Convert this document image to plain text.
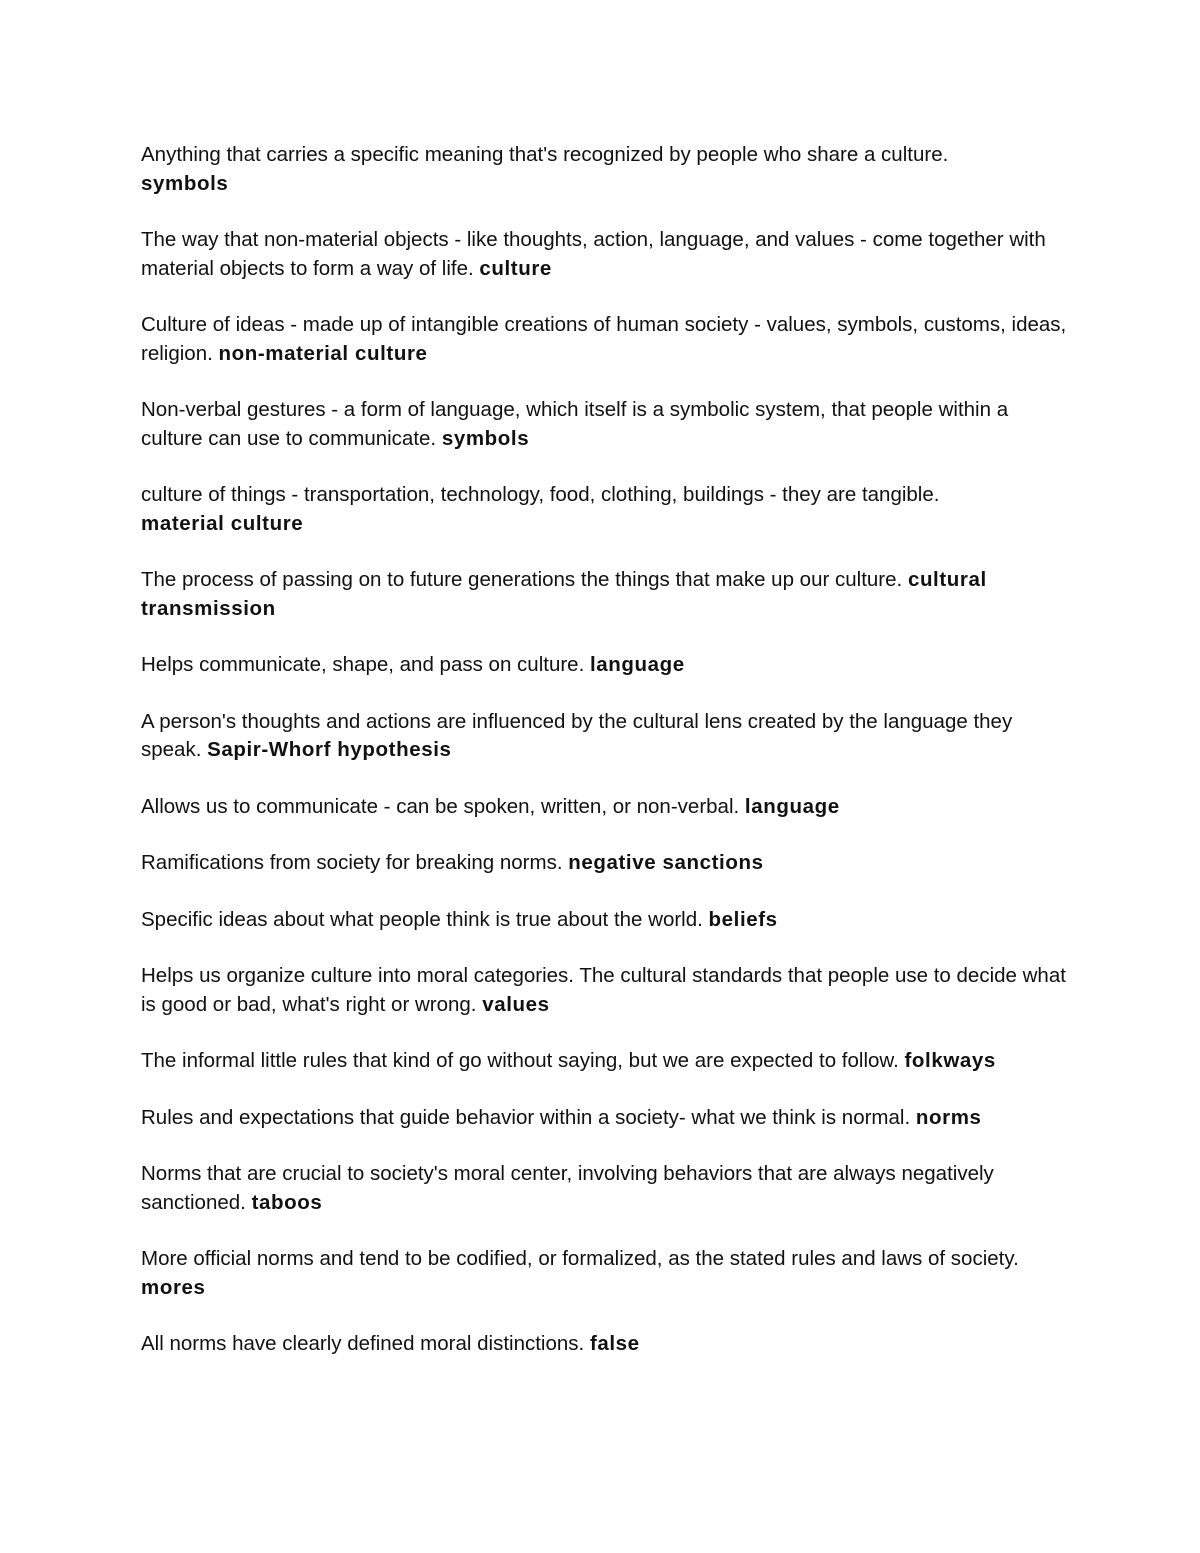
Anything that carries a specific meaning that's recognized by people who share a culture.
symbols
The way that non-material objects - like thoughts, action, language, and values - come together with material objects to form a way of life. culture
Culture of ideas - made up of intangible creations of human society - values, symbols, customs, ideas, religion. non-material culture
Non-verbal gestures - a form of language, which itself is a symbolic system, that people within a culture can use to communicate. symbols
culture of things - transportation, technology, food, clothing, buildings - they are tangible.
material culture
The process of passing on to future generations the things that make up our culture. cultural transmission
Helps communicate, shape, and pass on culture. language
A person's thoughts and actions are influenced by the cultural lens created by the language they speak. Sapir-Whorf hypothesis
Allows us to communicate - can be spoken, written, or non-verbal. language
Ramifications from society for breaking norms. negative sanctions
Specific ideas about what people think is true about the world. beliefs
Helps us organize culture into moral categories. The cultural standards that people use to decide what is good or bad, what's right or wrong. values
The informal little rules that kind of go without saying, but we are expected to follow. folkways
Rules and expectations that guide behavior within a society- what we think is normal. norms
Norms that are crucial to society's moral center, involving behaviors that are always negatively sanctioned. taboos
More official norms and tend to be codified, or formalized, as the stated rules and laws of society. mores
All norms have clearly defined moral distinctions. false
